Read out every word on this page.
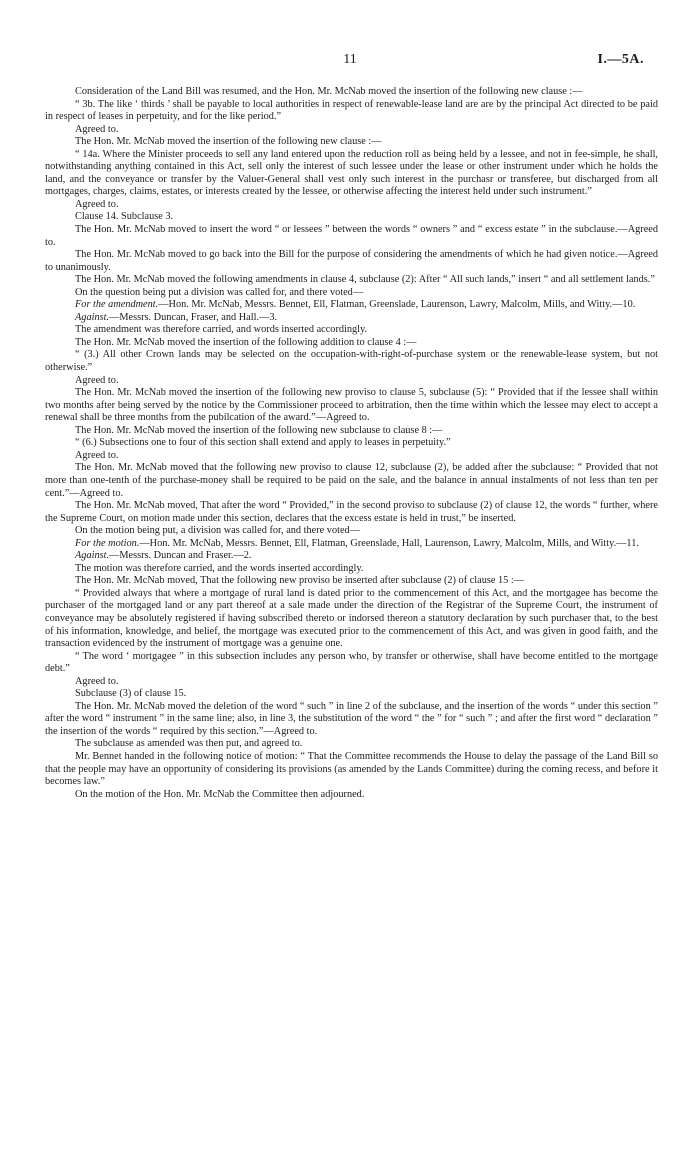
11	I.—5A.

Consideration of the Land Bill was resumed, and the Hon. Mr. McNab moved the insertion of the following new clause :—

“ 3b. The like ‘ thirds ’ shall be payable to local authorities in respect of renewable-lease land are are by the principal Act directed to be paid in respect of leases in perpetuity, and for the like period.”

Agreed to.

The Hon. Mr. McNab moved the insertion of the following new clause :—

“ 14a. Where the Minister proceeds to sell any land entered upon the reduction roll as being held by a lessee, and not in fee-simple, he shall, notwithstanding anything contained in this Act, sell only the interest of such lessee under the lease or other instrument under which he holds the land, and the conveyance or transfer by the Valuer-General shall vest only such interest in the purchasr or transferee, but discharged from all mortgages, charges, claims, estates, or interests created by the lessee, or otherwise affecting the interest held under such instrument.”

Agreed to.

Clause 14. Subclause 3.

The Hon. Mr. McNab moved to insert the word “ or lessees ” between the words “ owners ” and “ excess estate ” in the subclause.—Agreed to.

The Hon. Mr. McNab moved to go back into the Bill for the purpose of considering the amendments of which he had given notice.—Agreed to unanimously.

The Hon. Mr. McNab moved the following amendments in clause 4, subclause (2): After “ All such lands,” insert “ and all settlement lands.”

On the question being put a division was called for, and there voted—

For the amendment.—Hon. Mr. McNab, Messrs. Bennet, Ell, Flatman, Greenslade, Laurenson, Lawry, Malcolm, Mills, and Witty.—10.

Against.—Messrs. Duncan, Fraser, and Hall.—3.

The amendment was therefore carried, and words inserted accordingly.

The Hon. Mr. McNab moved the insertion of the following addition to clause 4 :—

“ (3.) All other Crown lands may be selected on the occupation-with-right-of-purchase system or the renewable-lease system, but not otherwise.”

Agreed to.

The Hon. Mr. McNab moved the insertion of the following new proviso to clause 5, subclause (5): “ Provided that if the lessee shall within two months after being served by the notice by the Commissioner proceed to arbitration, then the time within which the lessee may elect to accept a renewal shall be three months from the pubilcation of the award.”—Agreed to.

The Hon. Mr. McNab moved the insertion of the following new subclause to clause 8 :—

“ (6.) Subsections one to four of this section shall extend and apply to leases in perpetuity.”

Agreed to.

The Hon. Mr. McNab moved that the following new proviso to clause 12, subclause (2), be added after the subclause: “ Provided that not more than one-tenth of the purchase-money shall be required to be paid on the sale, and the balance in annual instalments of not less than ten per cent.”—Agreed to.

The Hon. Mr. McNab moved, That after the word “ Provided,” in the second proviso to subclause (2) of clause 12, the words “ further, where the Supreme Court, on motion made under this section, declares that the excess estate is held in trust,” be inserted.

On the motion being put, a division was called for, and there voted—

For the motion.—Hon. Mr. McNab, Messrs. Bennet, Ell, Flatman, Greenslade, Hall, Laurenson, Lawry, Malcolm, Mills, and Witty.—11.

Against.—Messrs. Duncan and Fraser.—2.

The motion was therefore carried, and the words inserted accordingly.

The Hon. Mr. McNab moved, That the following new proviso be inserted after subclause (2) of clause 15 :—

“ Provided always that where a mortgage of rural land is dated prior to the commencement of this Act, and the mortgagee has become the purchaser of the mortgaged land or any part thereof at a sale made under the direction of the Registrar of the Supreme Court, the instrument of conveyance may be absolutely registered if having subscribed thereto or indorsed thereon a statutory declaration by such purchaser that, to the best of his information, knowledge, and belief, the mortgage was executed prior to the commencement of this Act, and was given in good faith, and the transaction evidenced by the instrument of mortgage was a genuine one.

“ The word ‘ mortgagee ” in this subsection includes any person who, by transfer or otherwise, shall have become entitled to the mortgage debt.”

Agreed to.

Subclause (3) of clause 15.

The Hon. Mr. McNab moved the deletion of the word “ such ” in line 2 of the subclause, and the insertion of the words “ under this section ” after the word “ instrument ” in the same line; also, in line 3, the substitution of the word “ the ” for “ such ” ; and after the first word “ declaration ” the insertion of the words “ required by this section.”—Agreed to.

The subclause as amended was then put, and agreed to.

Mr. Bennet handed in the following notice of motion: “ That the Committee recommends the House to delay the passage of the Land Bill so that the people may have an opportunity of considering its provisions (as amended by the Lands Committee) during the coming recess, and before it becomes law.”

On the motion of the Hon. Mr. McNab the Committee then adjourned.
